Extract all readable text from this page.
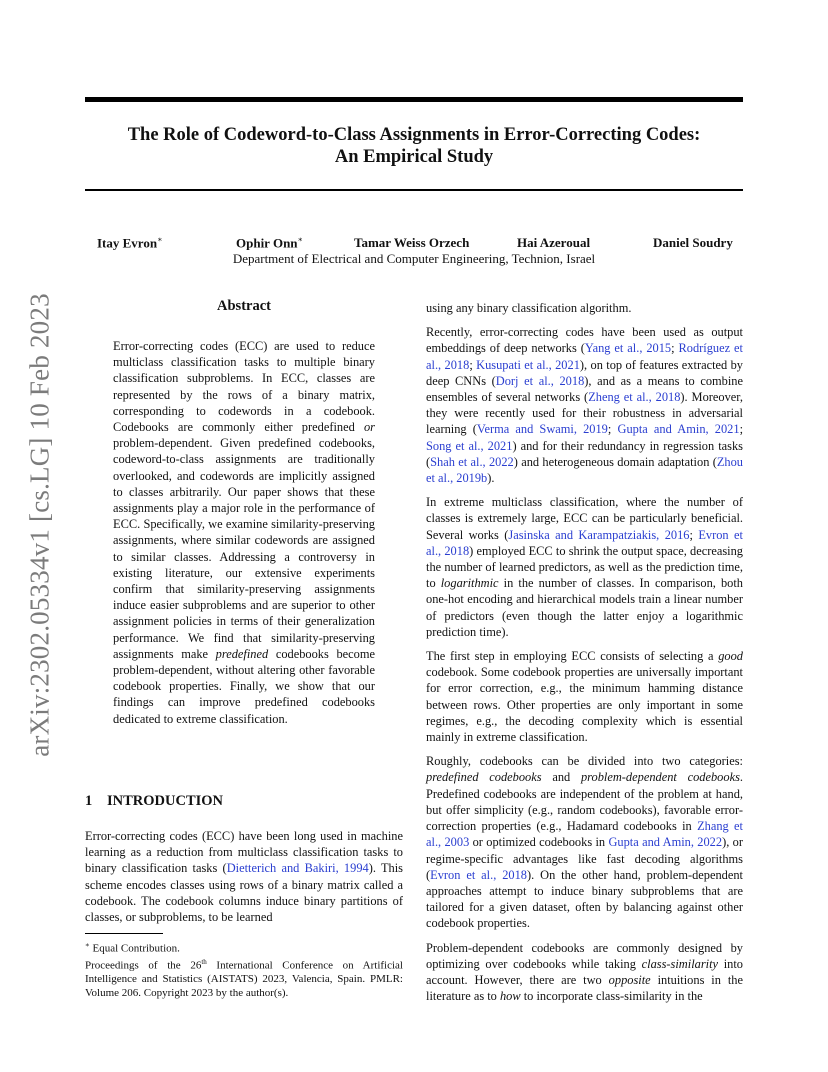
The Role of Codeword-to-Class Assignments in Error-Correcting Codes:
An Empirical Study
Itay Evron∗	Ophir Onn∗	Tamar Weiss Orzech	Hai Azeroual	Daniel Soudry
Department of Electrical and Computer Engineering, Technion, Israel
arXiv:2302.05334v1 [cs.LG] 10 Feb 2023	Abstract

Error-correcting codes (ECC) are used to reduce multiclass classification tasks to multiple binary classification subproblems. In ECC, classes are represented by the rows of a binary matrix, corresponding to codewords in a codebook. Codebooks are commonly either predefined or problem-dependent. Given predefined codebooks, codeword-to-class assignments are traditionally overlooked, and codewords are implicitly assigned to classes arbitrarily. Our paper shows that these assignments play a major role in the performance of ECC. Specifically, we examine similarity-preserving assignments, where similar codewords are assigned to similar classes. Addressing a controversy in existing literature, our extensive experiments confirm that similarity-preserving assignments induce easier subproblems and are superior to other assignment policies in terms of their generalization performance. We find that similarity-preserving assignments make predefined codebooks become problem-dependent, without altering other favorable codebook properties. Finally, we show that our findings can improve predefined codebooks dedicated to extreme classification.

1 INTRODUCTION

Error-correcting codes (ECC) have been long used in machine learning as a reduction from multiclass classification tasks to binary classification tasks (Dietterich and Bakiri, 1994). This scheme encodes classes using rows of a binary matrix called a codebook. The codebook columns induce binary partitions of classes, or subproblems, to be learned

∗ Equal Contribution.

Proceedings of the 26th International Conference on Artificial Intelligence and Statistics (AISTATS) 2023, Valencia, Spain. PMLR: Volume 206. Copyright 2023 by the author(s).

using any binary classification algorithm.

Recently, error-correcting codes have been used as output embeddings of deep networks (Yang et al., 2015; Rodríguez et al., 2018; Kusupati et al., 2021), on top of features extracted by deep CNNs (Dorj et al., 2018), and as a means to combine ensembles of several networks (Zheng et al., 2018). Moreover, they were recently used for their robustness in adversarial learning (Verma and Swami, 2019; Gupta and Amin, 2021; Song et al., 2021) and for their redundancy in regression tasks (Shah et al., 2022) and heterogeneous domain adaptation (Zhou et al., 2019b).

In extreme multiclass classification, where the number of classes is extremely large, ECC can be particularly beneficial. Several works (Jasinska and Karampatziakis, 2016; Evron et al., 2018) employed ECC to shrink the output space, decreasing the number of learned predictors, as well as the prediction time, to logarithmic in the number of classes. In comparison, both one-hot encoding and hierarchical models train a linear number of predictors (even though the latter enjoy a logarithmic prediction time).

The first step in employing ECC consists of selecting a good codebook. Some codebook properties are universally important for error correction, e.g., the minimum hamming distance between rows. Other properties are only important in some regimes, e.g., the decoding complexity which is essential mainly in extreme classification.

Roughly, codebooks can be divided into two categories: predefined codebooks and problem-dependent codebooks. Predefined codebooks are independent of the problem at hand, but offer simplicity (e.g., random codebooks), favorable error-correction properties (e.g., Hadamard codebooks in Zhang et al., 2003 or optimized codebooks in Gupta and Amin, 2022), or regime-specific advantages like fast decoding algorithms (Evron et al., 2018). On the other hand, problem-dependent approaches attempt to induce binary subproblems that are tailored for a given dataset, often by balancing against other codebook properties.

Problem-dependent codebooks are commonly designed by optimizing over codebooks while taking class-similarity into account. However, there are two opposite intuitions in the literature as to how to incorporate class-similarity in the
